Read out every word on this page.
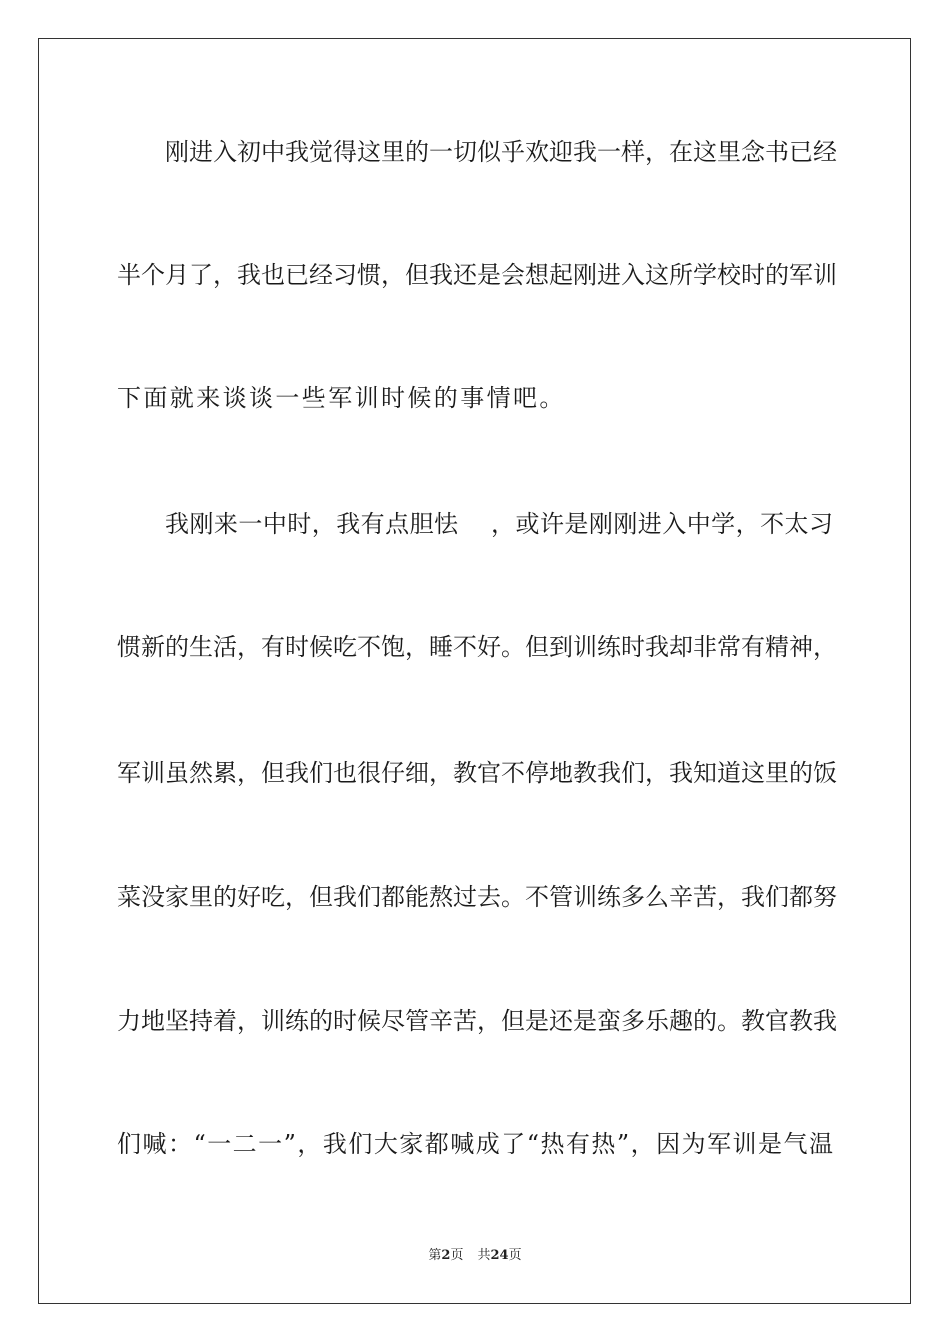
刚进入初中我觉得这里的一切似乎欢迎我一样，在这里念书已经
半个月了，我也已经习惯，但我还是会想起刚进入这所学校时的军训
下面就来谈谈一些军训时候的事情吧。
我刚来一中时，我有点胆怯　 ，或许是刚刚进入中学，不太习
惯新的生活，有时候吃不饱，睡不好。但到训练时我却非常有精神，
军训虽然累，但我们也很仔细，教官不停地教我们，我知道这里的饭
菜没家里的好吃，但我们都能熬过去。不管训练多么辛苦，我们都努
力地坚持着，训练的时候尽管辛苦，但是还是蛮多乐趣的。教官教我
们喊：“一二一”，我们大家都喊成了“热有热”，因为军训是气温
第2页 共24页
